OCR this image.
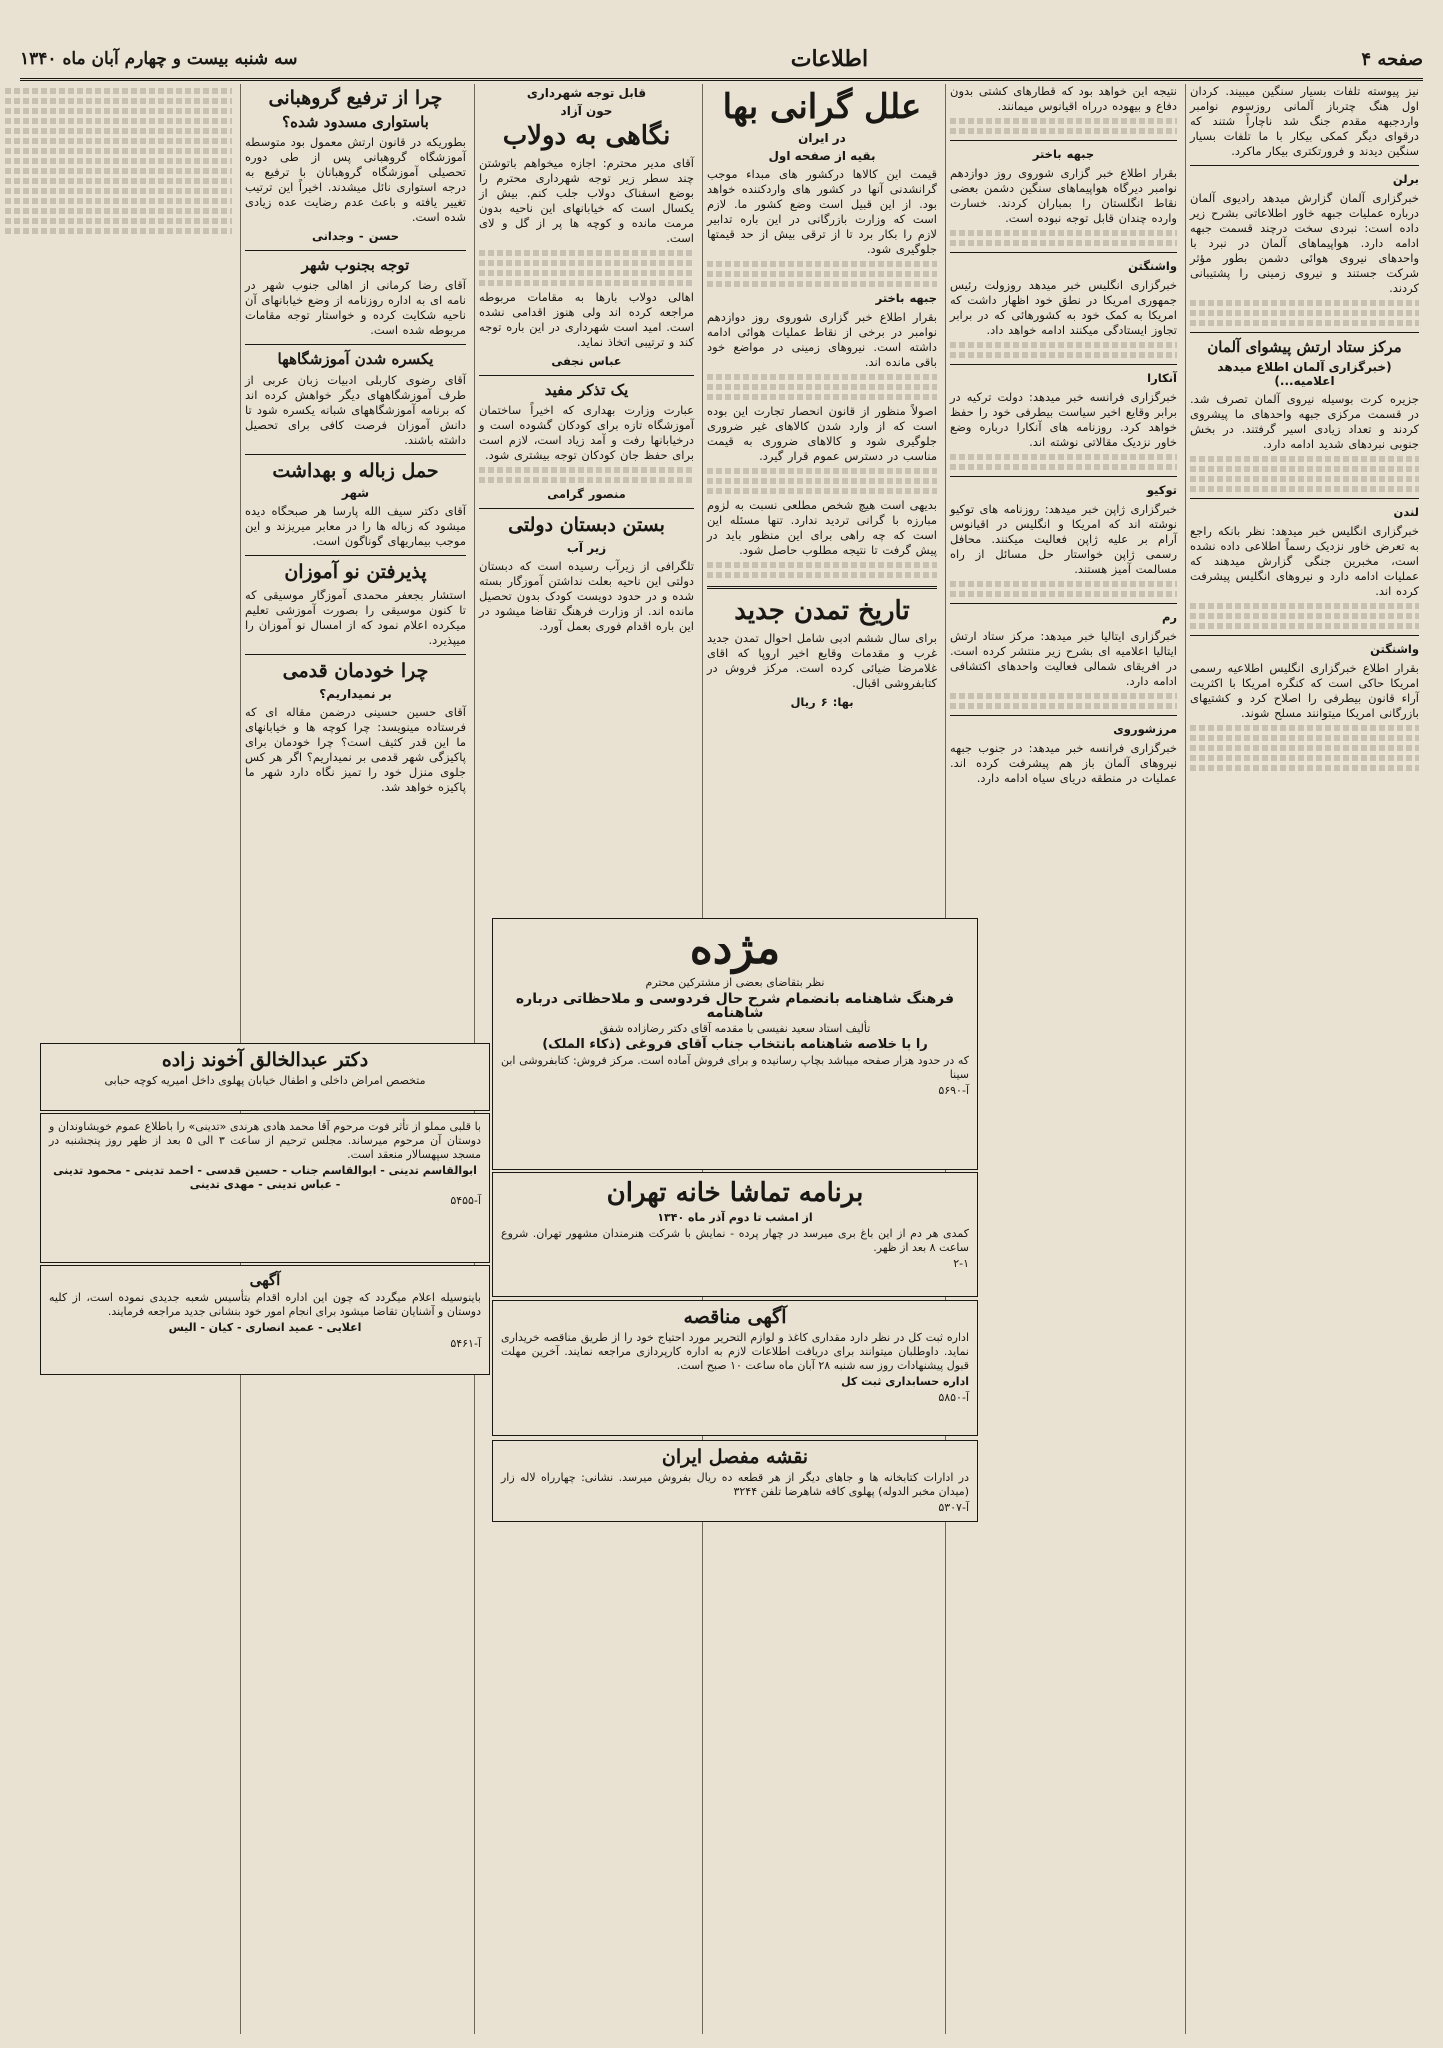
صفحه ۴
اطلاعات
سه شنبه بیست و چهارم آبان ماه ۱۳۴۰

نیز پیوسته تلفات بسیار سنگین میبیند. کردان اول هنگ چترباز آلمانی روزسوم نوامبر واردجبهه مقدم جنگ شد ناچاراً شتند که درقوای دیگر کمکی بیکار با ما تلفات بسیار سنگین دیدند و فرورتکتری بیکار ماکرد.

برلن

خبرگزاری آلمان گزارش میدهد رادیوی آلمان درباره عملیات جبهه خاور اطلاعاتی بشرح زیر داده است: نبردی سخت درچند قسمت جبهه ادامه دارد. هواپیماهای آلمان در نبرد با واحدهای نیروی هوائی دشمن بطور مؤثر شرکت جستند و نیروی زمینی را پشتیبانی کردند.

مرکز ستاد ارتش پیشوای آلمان

(خبرگزاری آلمان اطلاع میدهد اعلامیه...)

جزیره کرت بوسیله نیروی آلمان تصرف شد. در قسمت مرکزی جبهه واحدهای ما پیشروی کردند و تعداد زیادی اسیر گرفتند. در بخش جنوبی نبردهای شدید ادامه دارد.

لندن

خبرگزاری انگلیس خبر میدهد: نظر بانکه راجع به تعرض خاور نزدیک رسماً اطلاعی داده نشده است، مخبرین جنگی گزارش میدهند که عملیات ادامه دارد و نیروهای انگلیس پیشرفت کرده اند.

واشنگتن

بقرار اطلاع خبرگزاری انگلیس اطلاعیه رسمی امریکا حاکی است که کنگره امریکا با اکثریت آراء قانون بیطرفی را اصلاح کرد و کشتیهای بازرگانی امریکا میتوانند مسلح شوند.

نتیجه این خواهد بود که قطارهای کشتی بدون دفاع و بیهوده درراه اقیانوس میمانند.

جبهه باختر

بقرار اطلاع خبر گزاری شوروی روز دوازدهم نوامبر دیرگاه هواپیماهای سنگین دشمن بعضی نقاط انگلستان را بمباران کردند. خسارت وارده چندان قابل توجه نبوده است.

واشنگتن

خبرگزاری انگلیس خبر میدهد روزولت رئیس جمهوری امریکا در نطق خود اظهار داشت که امریکا به کمک خود به کشورهائی که در برابر تجاوز ایستادگی میکنند ادامه خواهد داد.

آنکارا

خبرگزاری فرانسه خبر میدهد: دولت ترکیه در برابر وقایع اخیر سیاست بیطرفی خود را حفظ خواهد کرد. روزنامه های آنکارا درباره وضع خاور نزدیک مقالاتی نوشته اند.

توکیو

خبرگزاری ژاپن خبر میدهد: روزنامه های توکیو نوشته اند که امریکا و انگلیس در اقیانوس آرام بر علیه ژاپن فعالیت میکنند. محافل رسمی ژاپن خواستار حل مسائل از راه مسالمت آمیز هستند.

رم

خبرگزاری ایتالیا خبر میدهد: مرکز ستاد ارتش ایتالیا اعلامیه ای بشرح زیر منتشر کرده است. در افریقای شمالی فعالیت واحدهای اکتشافی ادامه دارد.

مرزشوروی

خبرگزاری فرانسه خبر میدهد: در جنوب جبهه نیروهای آلمان باز هم پیشرفت کرده اند. عملیات در منطقه دریای سیاه ادامه دارد.

علل گرانی بها
در ایران
بقیه از صفحه اول

قیمت این کالاها درکشور های مبداء موجب گرانشدنی آنها در کشور های واردکننده خواهد بود. از این قبیل است وضع کشور ما. لازم است که وزارت بازرگانی در این باره تدابیر لازم را بکار برد تا از ترقی بیش از حد قیمتها جلوگیری شود.

جبهه باختر

بقرار اطلاع خبر گزاری شوروی روز دوازدهم نوامبر در برخی از نقاط عملیات هوائی ادامه داشته است. نیروهای زمینی در مواضع خود باقی مانده اند.

اصولاً منظور از قانون انحصار تجارت این بوده است که از وارد شدن کالاهای غیر ضروری جلوگیری شود و کالاهای ضروری به قیمت مناسب در دسترس عموم قرار گیرد.

بدیهی است هیچ شخص مطلعی نسبت به لزوم مبارزه با گرانی تردید ندارد. تنها مسئله این است که چه راهی برای این منظور باید در پیش گرفت تا نتیجه مطلوب حاصل شود.

تاریخ تمدن جدید

برای سال ششم ادبی شامل احوال تمدن جدید غرب و مقدمات وقایع اخیر اروپا که اقای غلامرضا ضیائی کرده است. مرکز فروش در کتابفروشی اقبال.

بها: ۶ ریال

قابل توجه شهرداری
حون آزاد
نگاهی به دولاب

آقای مدیر محترم: اجازه میخواهم باتوشتن چند سطر زیر توجه شهرداری محترم را بوضع اسفناک دولاب جلب کنم. بیش از یکسال است که خیابانهای این ناحیه بدون مرمت مانده و کوچه ها پر از گل و لای است.

اهالی دولاب بارها به مقامات مربوطه مراجعه کرده اند ولی هنوز اقدامی نشده است. امید است شهرداری در این باره توجه کند و ترتیبی اتخاذ نماید.

عباس نجفی

یک تذکر مفید

عبارت وزارت بهداری که اخیراً ساختمان آموزشگاه تازه برای کودکان گشوده است و درخیابانها رفت و آمد زیاد است، لازم است برای حفظ جان کودکان توجه بیشتری شود.

منصور گرامی

بستن دبستان دولتی
زیر آب

تلگرافی از زیرآب رسیده است که دبستان دولتی این ناحیه بعلت نداشتن آموزگار بسته شده و در حدود دویست کودک بدون تحصیل مانده اند. از وزارت فرهنگ تقاضا میشود در این باره اقدام فوری بعمل آورد.

چرا از ترفیع گروهبانی
باستواری مسدود شده؟

بطوریکه در قانون ارتش معمول بود متوسطه آموزشگاه گروهبانی پس از طی دوره تحصیلی آموزشگاه گروهبانان با ترفیع به درجه استواری نائل میشدند. اخیراً این ترتیب تغییر یافته و باعث عدم رضایت عده زیادی شده است.

حسن - وجدانی

توجه بجنوب شهر

آقای رضا کرمانی از اهالی جنوب شهر در نامه ای به اداره روزنامه از وضع خیابانهای آن ناحیه شکایت کرده و خواستار توجه مقامات مربوطه شده است.

یکسره شدن آموزشگاهها

آقای رضوی کاربلی ادبیات زبان عربی از طرف آموزشگاههای دیگر خواهش کرده اند که برنامه آموزشگاههای شبانه یکسره شود تا دانش آموزان فرصت کافی برای تحصیل داشته باشند.

حمل زباله و بهداشت
شهر

آقای دکتر سیف الله پارسا هر صبحگاه دیده میشود که زباله ها را در معابر میریزند و این موجب بیماریهای گوناگون است.

پذیرفتن نو آموزان

استشار بجعفر محمدی آموزگار موسیقی که تا کنون موسیقی را بصورت آموزشی تعلیم میکرده اعلام نمود که از امسال نو آموزان را میپذیرد.

چرا خودمان قدمی
بر نمیداریم؟

آقای حسین حسینی درضمن مقاله ای که فرستاده مینویسد: چرا کوچه ها و خیابانهای ما این قدر کثیف است؟ چرا خودمان برای پاکیزگی شهر قدمی بر نمیداریم؟ اگر هر کس جلوی منزل خود را تمیز نگاه دارد شهر ما پاکیزه خواهد شد.

دکتر عبدالخالق آخوند زاده

متخصص امراض داخلی و اطفال خیابان پهلوی داخل امیریه کوچه حبابی

با قلبی مملو از تأثر فوت مرحوم آقا محمد هادی هرندی «تدینی» را باطلاع عموم خویشاوندان و دوستان آن مرحوم میرساند. مجلس ترحیم از ساعت ۳ الی ۵ بعد از ظهر روز پنجشنبه در مسجد سپهسالار منعقد است.

ابوالقاسم تدینی - ابوالقاسم جناب - حسین قدسی - احمد تدینی - محمود تدینی - عباس تدینی - مهدی تدینی

آ-۵۴۵۵

آگهی

باینوسیله اعلام میگردد که چون این اداره اقدام بتأسیس شعبه جدیدی نموده است، از کلیه دوستان و آشنایان تقاضا میشود برای انجام امور خود بنشانی جدید مراجعه فرمایند.

اعلایی - عمید انصاری - کیان - الیس

آ-۵۴۶۱

مژده

نظر بتقاضای بعضی از مشترکین محترم

فرهنگ شاهنامه بانضمام شرح حال فردوسی و ملاحظاتی درباره شاهنامه

تألیف استاد سعید نفیسی با مقدمه آقای دکتر رضازاده شفق

را با خلاصه شاهنامه بانتخاب جناب آقای فروغی (ذکاء الملک)

که در حدود هزار صفحه میباشد بچاپ رسانیده و برای فروش آماده است. مرکز فروش: کتابفروشی ابن سینا

آ-۵۶۹۰

برنامه تماشا خانه تهران

از امشب تا دوم آذر ماه ۱۳۴۰

کمدی هر دم از این باغ بری میرسد در چهار پرده - نمایش با شرکت هنرمندان مشهور تهران. شروع ساعت ۸ بعد از ظهر.

۲-۱

آگهی مناقصه

اداره ثبت کل در نظر دارد مقداری کاغذ و لوازم التحریر مورد احتیاج خود را از طریق مناقصه خریداری نماید. داوطلبان میتوانند برای دریافت اطلاعات لازم به اداره کارپردازی مراجعه نمایند. آخرین مهلت قبول پیشنهادات روز سه شنبه ۲۸ آبان ماه ساعت ۱۰ صبح است.

اداره حسابداری ثبت کل

آ-۵۸۵۰

نقشه مفصل ایران

در ادارات کتابخانه ها و جاهای دیگر از هر قطعه ده ریال بفروش میرسد. نشانی: چهارراه لاله زار (میدان مخبر الدوله) پهلوی کافه شاهرضا تلفن ۳۲۴۴

آ-۵۳۰۷
